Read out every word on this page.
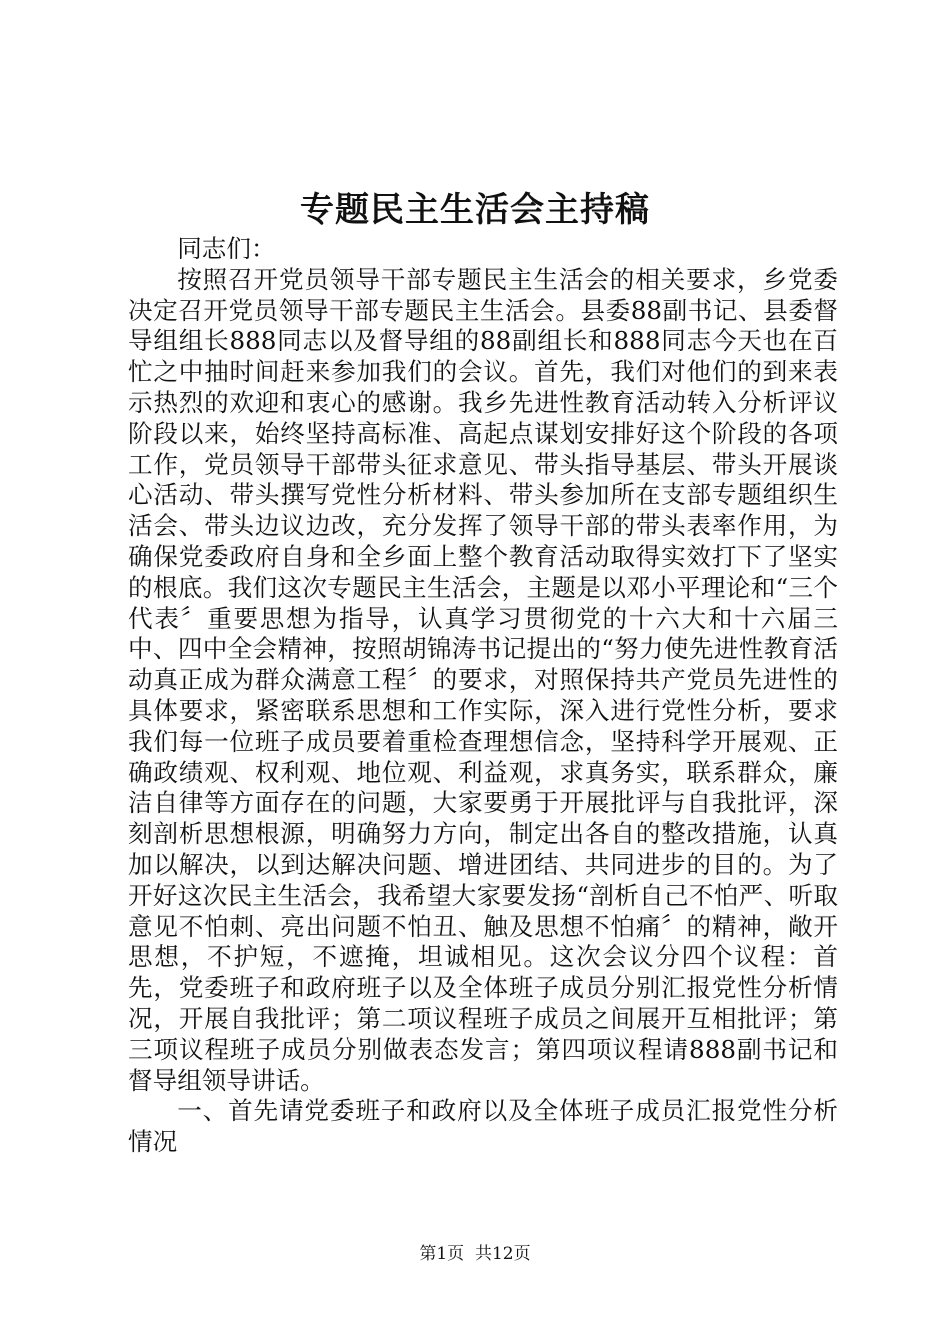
专题民主生活会主持稿

同志们：

按照召开党员领导干部专题民主生活会的相关要求，乡党委决定召开党员领导干部专题民主生活会。县委88副书记、县委督导组组长888同志以及督导组的88副组长和888同志今天也在百忙之中抽时间赶来参加我们的会议。首先，我们对他们的到来表示热烈的欢迎和衷心的感谢。我乡先进性教育活动转入分析评议阶段以来，始终坚持高标准、高起点谋划安排好这个阶段的各项工作，党员领导干部带头征求意见、带头指导基层、带头开展谈心活动、带头撰写党性分析材料、带头参加所在支部专题组织生活会、带头边议边改，充分发挥了领导干部的带头表率作用，为确保党委政府自身和全乡面上整个教育活动取得实效打下了坚实的根底。我们这次专题民主生活会，主题是以邓小平理论和“三个代表〞重要思想为指导，认真学习贯彻党的十六大和十六届三中、四中全会精神，按照胡锦涛书记提出的“努力使先进性教育活动真正成为群众满意工程〞的要求，对照保持共产党员先进性的具体要求，紧密联系思想和工作实际，深入进行党性分析，要求我们每一位班子成员要着重检查理想信念，坚持科学开展观、正确政绩观、权利观、地位观、利益观，求真务实，联系群众，廉洁自律等方面存在的问题，大家要勇于开展批评与自我批评，深刻剖析思想根源，明确努力方向，制定出各自的整改措施，认真加以解决，以到达解决问题、增进团结、共同进步的目的。为了开好这次民主生活会，我希望大家要发扬“剖析自己不怕严、听取意见不怕刺、亮出问题不怕丑、触及思想不怕痛〞的精神，敞开思想，不护短，不遮掩，坦诚相见。这次会议分四个议程：首先，党委班子和政府班子以及全体班子成员分别汇报党性分析情况，开展自我批评；第二项议程班子成员之间展开互相批评；第三项议程班子成员分别做表态发言；第四项议程请888副书记和督导组领导讲话。

一、首先请党委班子和政府以及全体班子成员汇报党性分析情况

第1页  共12页
